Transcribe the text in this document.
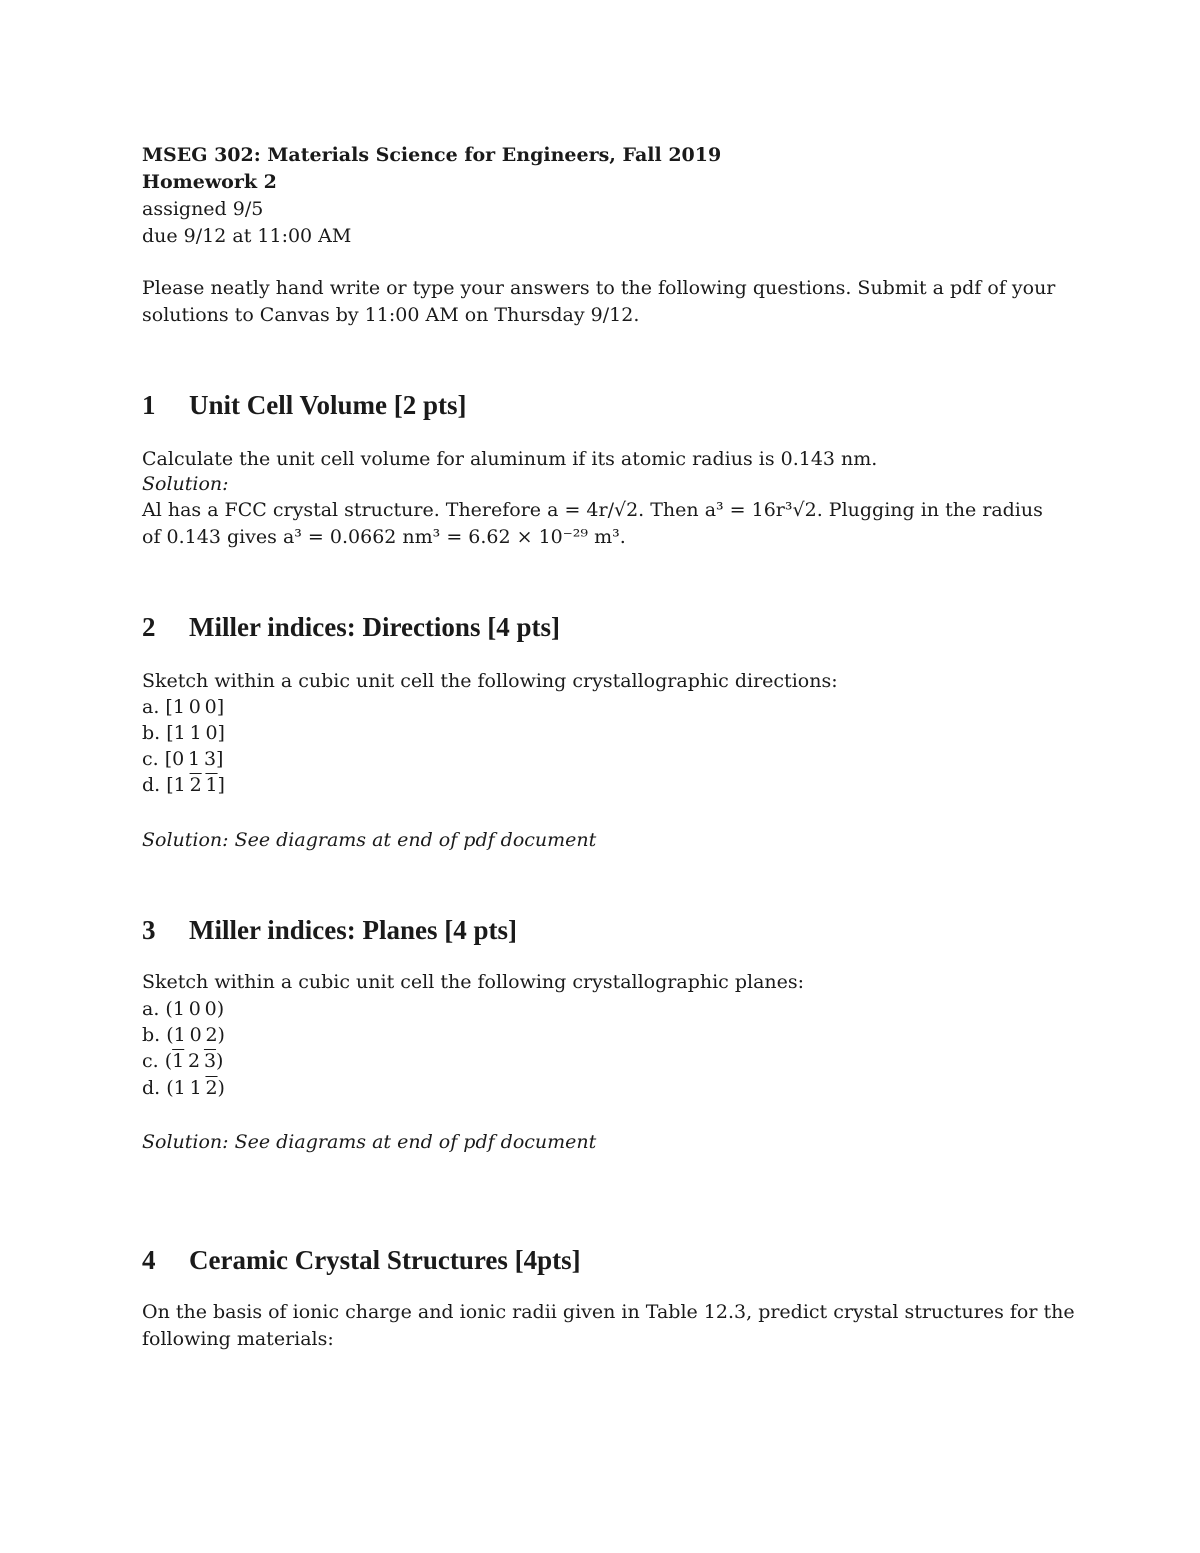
MSEG 302: Materials Science for Engineers, Fall 2019
Homework 2
assigned 9/5
due 9/12 at 11:00 AM
Please neatly hand write or type your answers to the following questions. Submit a pdf of your
solutions to Canvas by 11:00 AM on Thursday 9/12.
1 Unit Cell Volume [2 pts]
Calculate the unit cell volume for aluminum if its atomic radius is 0.143 nm.
Solution:
Al has a FCC crystal structure. Therefore a = 4r/√2. Then a³ = 16r³√2. Plugging in the radius
of 0.143 gives a³ = 0.0662 nm³ = 6.62 × 10⁻²⁹ m³.
2 Miller indices: Directions [4 pts]
Sketch within a cubic unit cell the following crystallographic directions:
a. [1  0  0]
b. [1  1  0]
c. [0  1  3]
d. [1  2  1]
Solution: See diagrams at end of pdf document
3 Miller indices: Planes [4 pts]
Sketch within a cubic unit cell the following crystallographic planes:
a. (1  0  0)
b. (1  0  2)
c. (1  2  3)
d. (1  1  2)
Solution: See diagrams at end of pdf document
4 Ceramic Crystal Structures [4pts]
On the basis of ionic charge and ionic radii given in Table 12.3, predict crystal structures for the
following materials:
